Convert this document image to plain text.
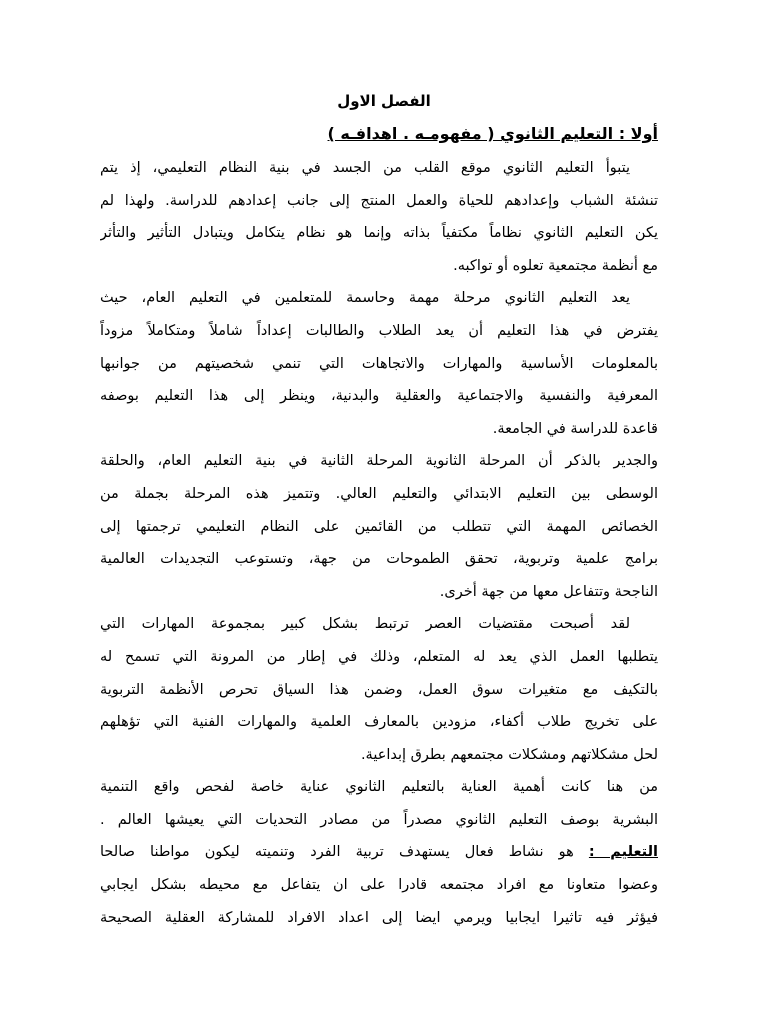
الفصل الاول
أولا : التعليم الثانوي ( مفهومـه . اهدافـه )
يتبوأ التعليم الثانوي موقع القلب من الجسد في بنية النظام التعليمي، إذ يتم
تنشئة الشباب وإعدادهم للحياة والعمل المنتج إلى جانب إعدادهم للدراسة. ولهذا لم
يكن التعليم الثانوي نظاماً مكتفياً بذاته وإنما هو نظام يتكامل ويتبادل التأثير والتأثر
مع أنظمة مجتمعية تعلوه أو تواكبه.
يعد التعليم الثانوي مرحلة مهمة وحاسمة للمتعلمين في التعليم العام، حيث
يفترض في هذا التعليم أن يعد الطلاب والطالبات إعداداً شاملاً ومتكاملاً مزوداً
بالمعلومات الأساسية والمهارات والاتجاهات التي تنمي شخصيتهم من جوانبها
المعرفية والنفسية والاجتماعية والعقلية والبدنية، وينظر إلى هذا التعليم بوصفه
قاعدة للدراسة في الجامعة.
والجدير بالذكر أن المرحلة الثانوية المرحلة الثانية في بنية التعليم العام، والحلقة
الوسطى بين التعليم الابتدائي والتعليم العالي. وتتميز هذه المرحلة بجملة من
الخصائص المهمة التي تتطلب من القائمين على النظام التعليمي ترجمتها إلى
برامج علمية وتربوية، تحقق الطموحات من جهة، وتستوعب التجديدات العالمية
الناجحة وتتفاعل معها من جهة أخرى.
لقد أصبحت مقتضيات العصر ترتبط بشكل كبير بمجموعة المهارات التي
يتطلبها العمل الذي يعد له المتعلم، وذلك في إطار من المرونة التي تسمح له
بالتكيف مع متغيرات سوق العمل، وضمن هذا السياق تحرص الأنظمة التربوية
على تخريج طلاب أكفاء، مزودين بالمعارف العلمية والمهارات الفنية التي تؤهلهم
لحل مشكلاتهم ومشكلات مجتمعهم بطرق إبداعية.
من هنا كانت أهمية العناية بالتعليم الثانوي عناية خاصة لفحص واقع التنمية
البشرية بوصف التعليم الثانوي مصدراً من مصادر التحديات التي يعيشها العالم .
التعليم : هو نشاط فعال يستهدف تربية الفرد وتنميته ليكون مواطنا صالحا
وعضوا متعاونا مع افراد مجتمعه قادرا على ان يتفاعل مع محيطه بشكل ايجابي
فيؤثر فيه تاثيرا ايجابيا ويرمي ايضا إلى اعداد الافراد للمشاركة العقلية الصحيحة
